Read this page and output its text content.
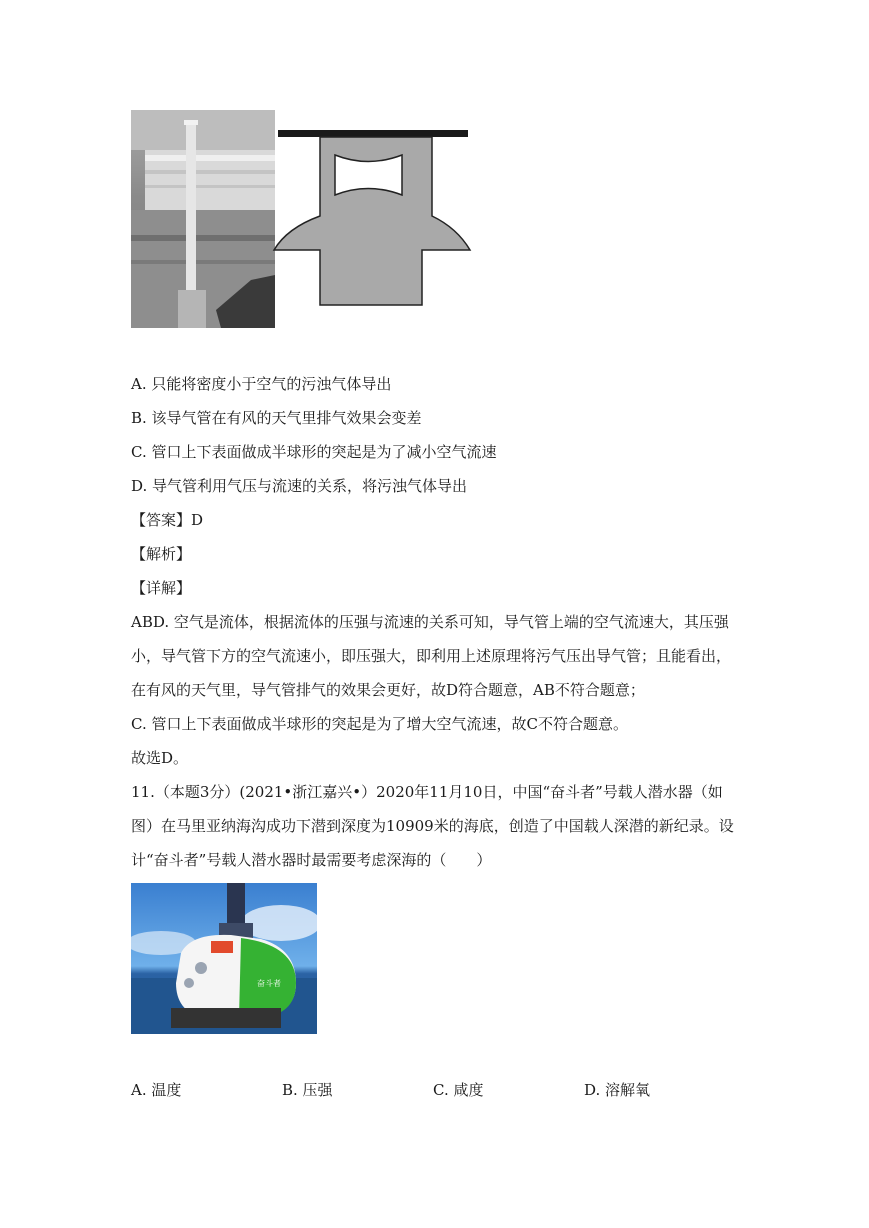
A. 只能将密度小于空气的污浊气体导出
B. 该导气管在有风的天气里排气效果会变差
C. 管口上下表面做成半球形的突起是为了减小空气流速
D. 导气管利用气压与流速的关系，将污浊气体导出
【答案】D
【解析】
【详解】
ABD. 空气是流体，根据流体的压强与流速的关系可知，导气管上端的空气流速大，其压强
小，导气管下方的空气流速小，即压强大，即利用上述原理将污气压出导气管；且能看出，
在有风的天气里，导气管排气的效果会更好，故D符合题意，AB不符合题意；
C. 管口上下表面做成半球形的突起是为了增大空气流速，故C不符合题意。
故选D。
11.（本题3分）(2021•浙江嘉兴•）2020年11月10日，中国“奋斗者”号载人潜水器（如
图）在马里亚纳海沟成功下潜到深度为10909米的海底，创造了中国载人深潜的新纪录。设
计“奋斗者”号载人潜水器时最需要考虑深海的（　　）
奋斗者
A. 温度	B. 压强	C. 咸度	D. 溶解氧
